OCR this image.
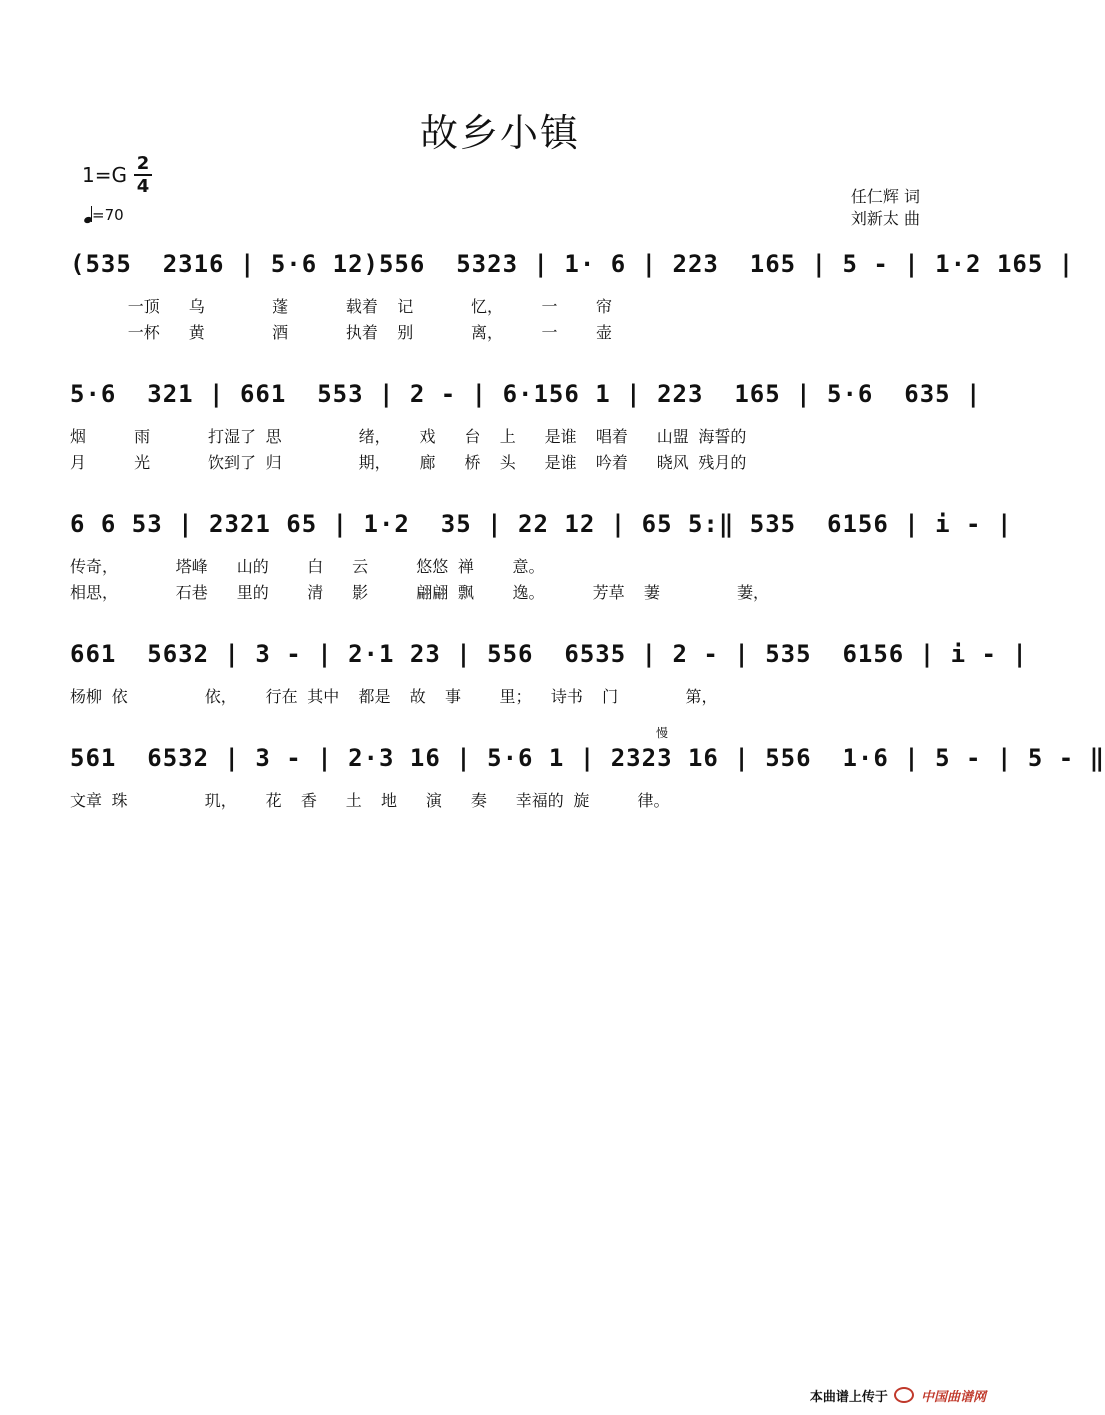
故乡小镇
1=G 2
4
=70
任仁辉 词
刘新太 曲
(535  2316 | 5·6 12)556  5323 | 1· 6 | 223  165 | 5 - | 1·2 165 |
一顶   乌       蓬      载着  记      忆，    一    帘
一杯   黄       酒      执着  别      离，    一    壶
5·6  321 | 661  553 | 2 - | 6·156 1 | 223  165 | 5·6  635 |
烟     雨      打湿了 思        绪，   戏   台  上   是谁  唱着   山盟 海誓的
月     光      饮到了 归        期，   廊   桥  头   是谁  吟着   晓风 残月的
6 6 53 | 2321 65 | 1·2  35 | 22 12 | 65 5:‖ 535  6156 | i - |
传奇，      塔峰   山的    白   云     悠悠 禅    意。
相思，      石巷   里的    清   影     翩翩 飘    逸。     芳草  萋        萋，
661  5632 | 3 - | 2·1 23 | 556  6535 | 2 - | 535  6156 | i - |
杨柳 依        依，   行在 其中  都是  故  事    里；  诗书  门       第，
慢
561  6532 | 3 - | 2·3 16 | 5·6 1 | 2323 16 | 556  1·6 | 5 - | 5 - ‖
文章 珠        玑，   花  香   土  地   演   奏   幸福的 旋     律。
本曲谱上传于	中国曲谱网
